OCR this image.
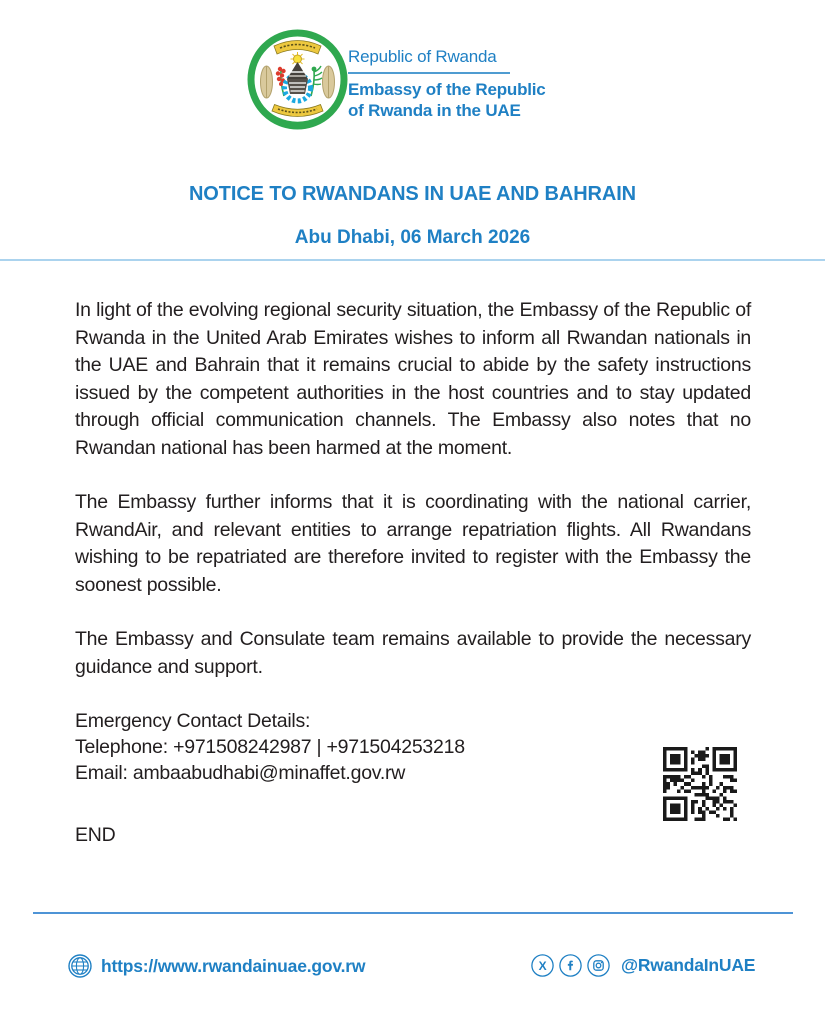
Republic of Rwanda
Embassy of the Republic
of Rwanda in the UAE
NOTICE TO RWANDANS IN UAE AND BAHRAIN
Abu Dhabi, 06 March 2026

In light of the evolving regional security situation, the Embassy of the Republic of Rwanda in the United Arab Emirates wishes to inform all Rwandan nationals in the UAE and Bahrain that it remains crucial to abide by the safety instructions issued by the competent authorities in the host countries and to stay updated through official communication channels. The Embassy also notes that no Rwandan national has been harmed at the moment.

The Embassy further informs that it is coordinating with the national carrier, RwandAir, and relevant entities to arrange repatriation flights. All Rwandans wishing to be repatriated are therefore invited to register with the Embassy the soonest possible.

The Embassy and Consulate team remains available to provide the necessary guidance and support.

Emergency Contact Details:
Telephone: +971508242987 | +971504253218
Email: ambaabudhabi@minaffet.gov.rw
END
https://www.rwandainuae.gov.rw	X	@RwandaInUAE
